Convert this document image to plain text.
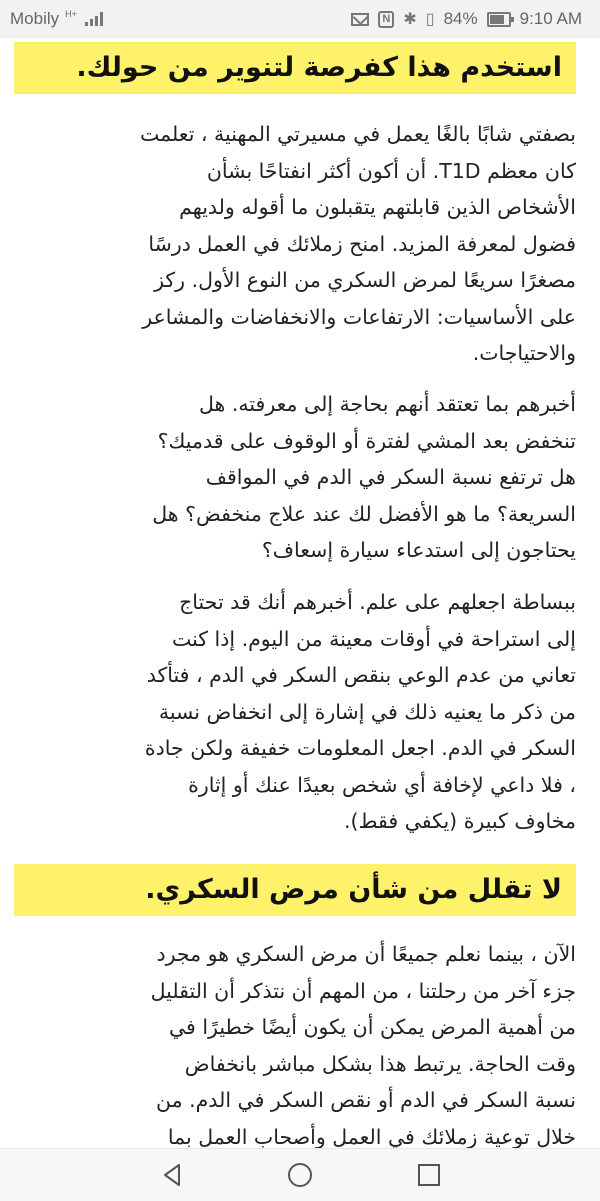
Mobily H+	N ✱ ▯ 84% 9:10 AM
استخدم هذا كفرصة لتنوير من حولك.
بصفتي شابًا بالغًا يعمل في مسيرتي المهنية ، تعلمت
كان معظم T1D. أن أكون أكثر انفتاحًا بشأن
الأشخاص الذين قابلتهم يتقبلون ما أقوله ولديهم
فضول لمعرفة المزيد. امنح زملائك في العمل درسًا
مصغرًا سريعًا لمرض السكري من النوع الأول. ركز
على الأساسيات: الارتفاعات والانخفاضات والمشاعر
والاحتياجات.
أخبرهم بما تعتقد أنهم بحاجة إلى معرفته. هل
تنخفض بعد المشي لفترة أو الوقوف على قدميك؟
هل ترتفع نسبة السكر في الدم في المواقف
السريعة؟ ما هو الأفضل لك عند علاج منخفض؟ هل
يحتاجون إلى استدعاء سيارة إسعاف؟
ببساطة اجعلهم على علم. أخبرهم أنك قد تحتاج
إلى استراحة في أوقات معينة من اليوم. إذا كنت
تعاني من عدم الوعي بنقص السكر في الدم ، فتأكد
من ذكر ما يعنيه ذلك في إشارة إلى انخفاض نسبة
السكر في الدم. اجعل المعلومات خفيفة ولكن جادة
، فلا داعي لإخافة أي شخص بعيدًا عنك أو إثارة
مخاوف كبيرة (يكفي فقط).
لا تقلل من شأن مرض السكري.
الآن ، بينما نعلم جميعًا أن مرض السكري هو مجرد
جزء آخر من رحلتنا ، من المهم أن نتذكر أن التقليل
من أهمية المرض يمكن أن يكون أيضًا خطيرًا في
وقت الحاجة. يرتبط هذا بشكل مباشر بانخفاض
نسبة السكر في الدم أو نقص السكر في الدم. من
خلال توعية زملائك في العمل وأصحاب العمل بما
